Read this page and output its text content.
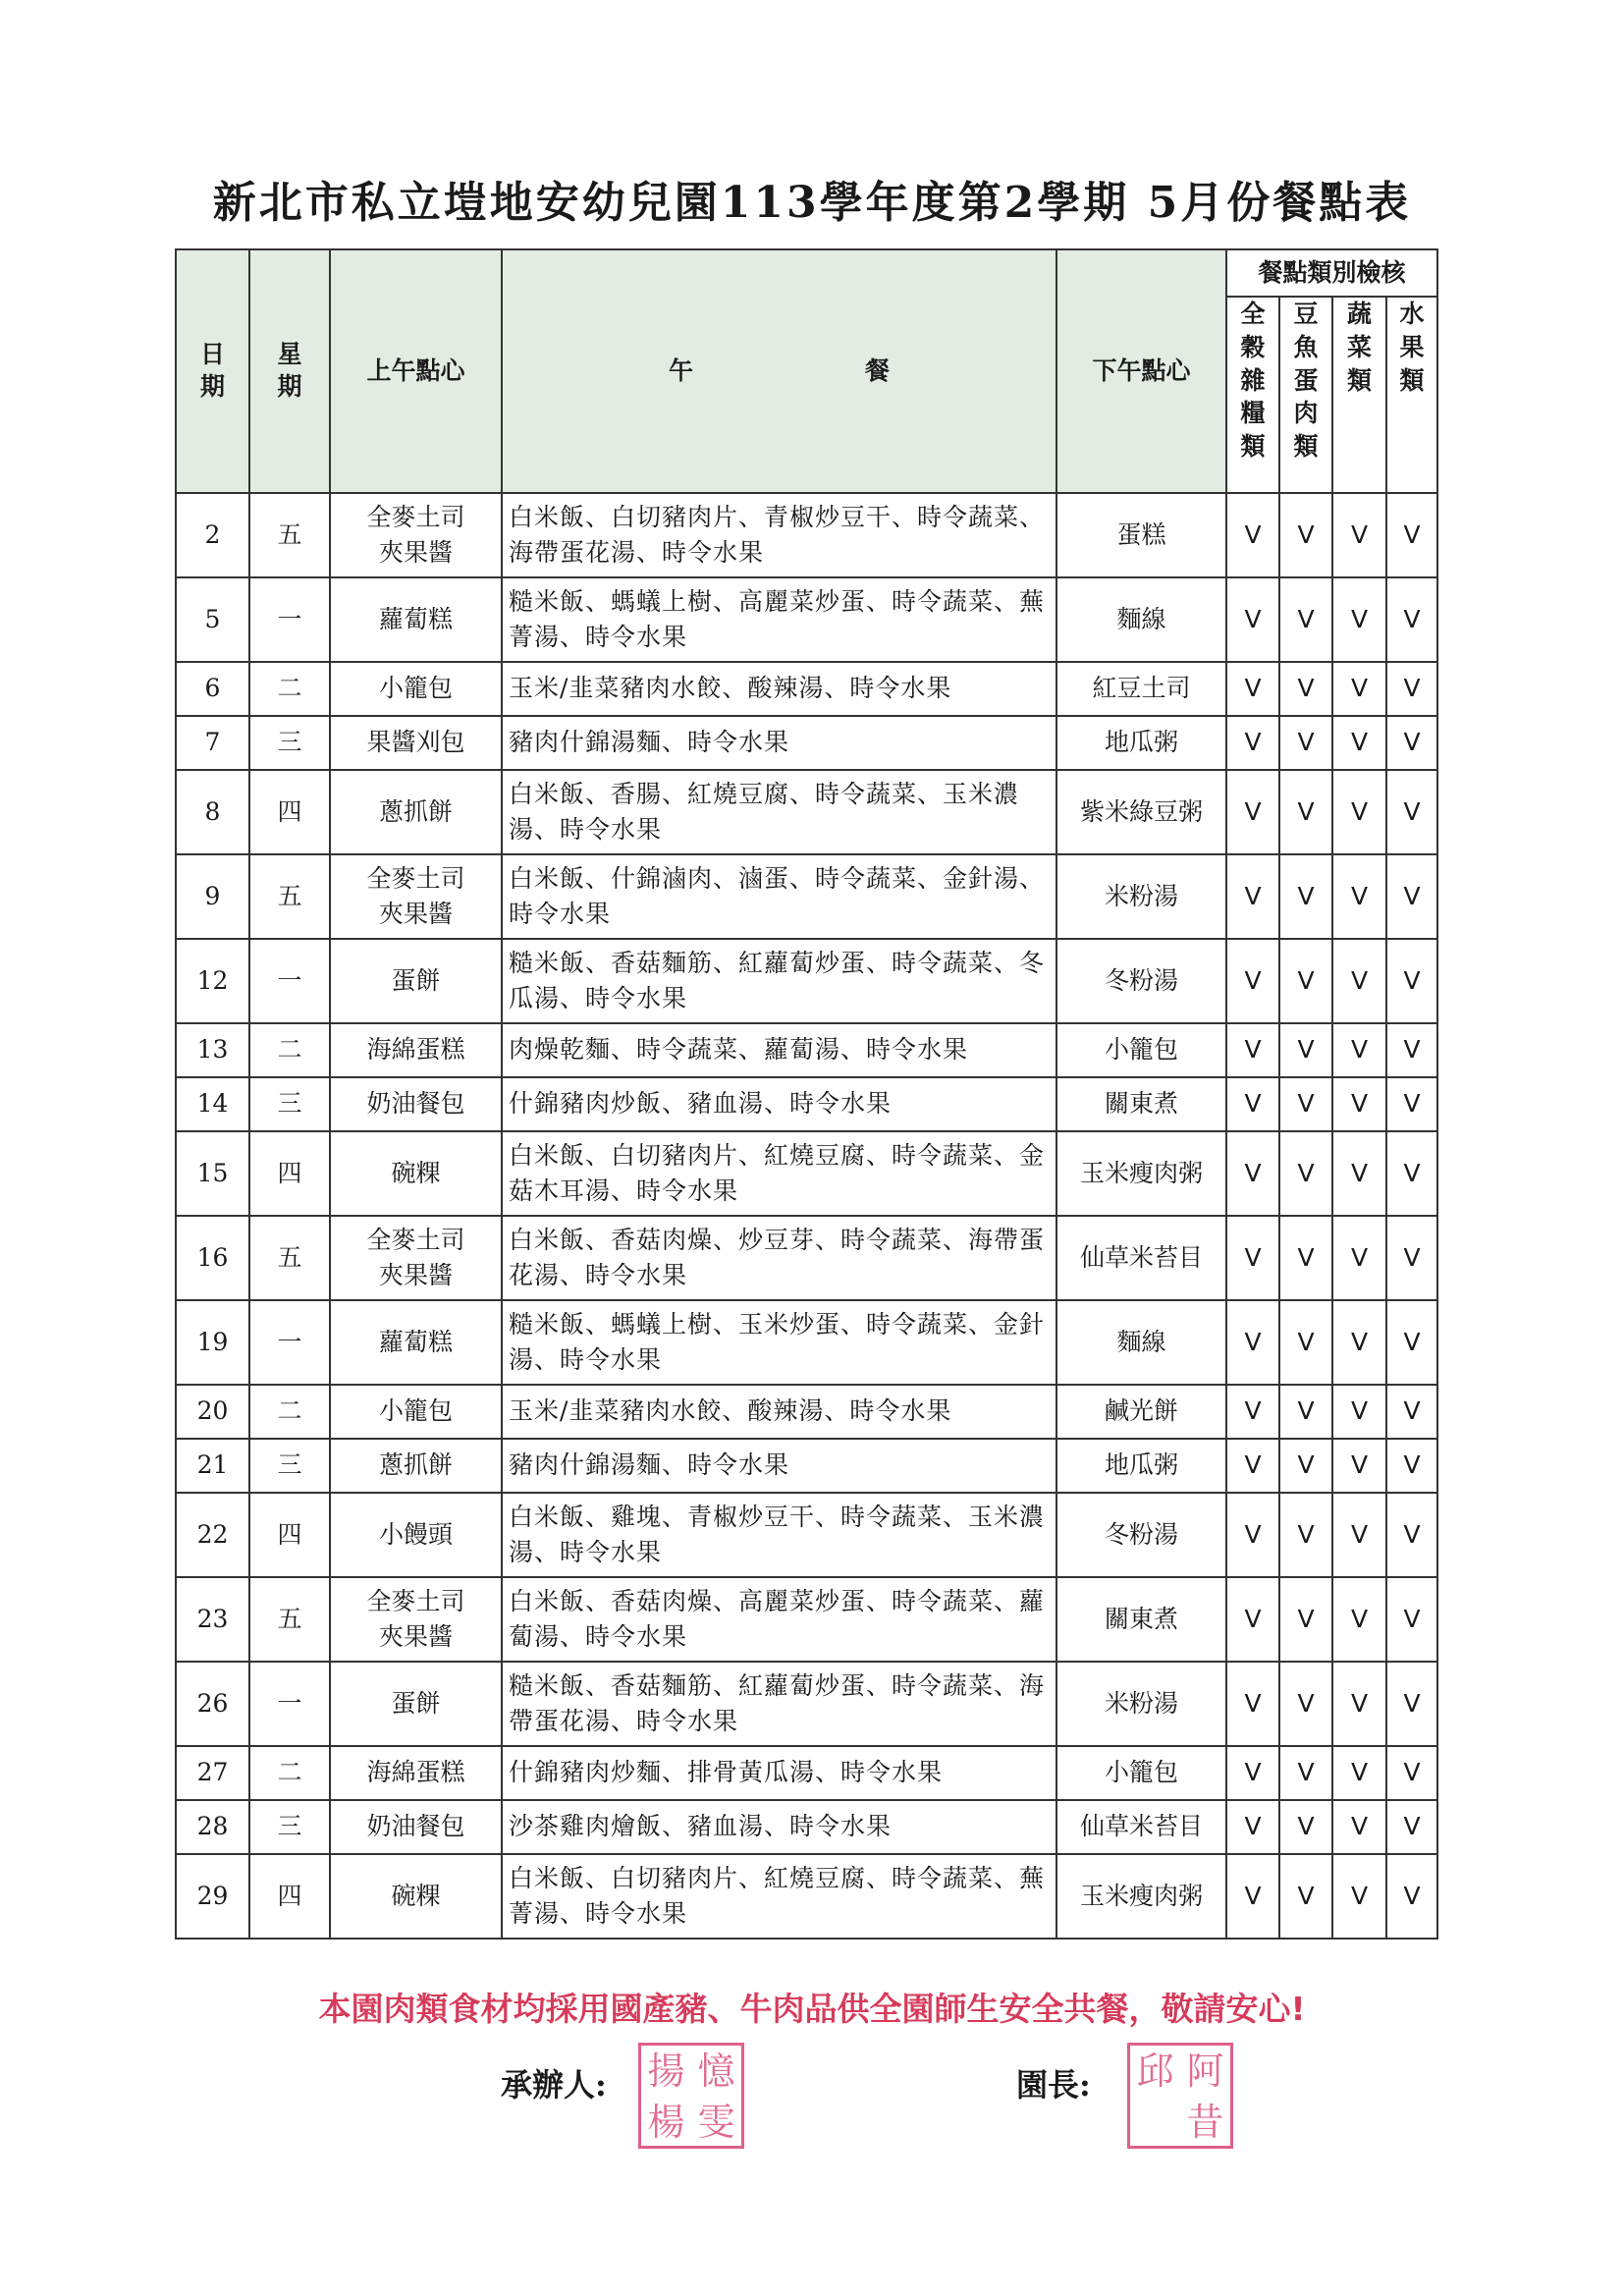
新北市私立塏地安幼兒園113學年度第2學期 5月份餐點表
日期	星期	上午點心	午　　　　　　　餐	下午點心	餐點類別檢核			
					全穀雜糧類	豆魚蛋肉類	蔬菜類	水果類
2	五	全麥土司夾果醬	白米飯、白切豬肉片、青椒炒豆干、時令蔬菜、海帶蛋花湯、時令水果	蛋糕	V	V	V	V
5	一	蘿蔔糕	糙米飯、螞蟻上樹、高麗菜炒蛋、時令蔬菜、蕪菁湯、時令水果	麵線	V	V	V	V
6	二	小籠包	玉米/韭菜豬肉水餃、酸辣湯、時令水果	紅豆土司	V	V	V	V
7	三	果醬刈包	豬肉什錦湯麵、時令水果	地瓜粥	V	V	V	V
8	四	蔥抓餅	白米飯、香腸、紅燒豆腐、時令蔬菜、玉米濃湯、時令水果	紫米綠豆粥	V	V	V	V
9	五	全麥土司夾果醬	白米飯、什錦滷肉、滷蛋、時令蔬菜、金針湯、時令水果	米粉湯	V	V	V	V
12	一	蛋餅	糙米飯、香菇麵筋、紅蘿蔔炒蛋、時令蔬菜、冬瓜湯、時令水果	冬粉湯	V	V	V	V
13	二	海綿蛋糕	肉燥乾麵、時令蔬菜、蘿蔔湯、時令水果	小籠包	V	V	V	V
14	三	奶油餐包	什錦豬肉炒飯、豬血湯、時令水果	關東煮	V	V	V	V
15	四	碗粿	白米飯、白切豬肉片、紅燒豆腐、時令蔬菜、金菇木耳湯、時令水果	玉米瘦肉粥	V	V	V	V
16	五	全麥土司夾果醬	白米飯、香菇肉燥、炒豆芽、時令蔬菜、海帶蛋花湯、時令水果	仙草米苔目	V	V	V	V
19	一	蘿蔔糕	糙米飯、螞蟻上樹、玉米炒蛋、時令蔬菜、金針湯、時令水果	麵線	V	V	V	V
20	二	小籠包	玉米/韭菜豬肉水餃、酸辣湯、時令水果	鹹光餅	V	V	V	V
21	三	蔥抓餅	豬肉什錦湯麵、時令水果	地瓜粥	V	V	V	V
22	四	小饅頭	白米飯、雞塊、青椒炒豆干、時令蔬菜、玉米濃湯、時令水果	冬粉湯	V	V	V	V
23	五	全麥土司夾果醬	白米飯、香菇肉燥、高麗菜炒蛋、時令蔬菜、蘿蔔湯、時令水果	關東煮	V	V	V	V
26	一	蛋餅	糙米飯、香菇麵筋、紅蘿蔔炒蛋、時令蔬菜、海帶蛋花湯、時令水果	米粉湯	V	V	V	V
27	二	海綿蛋糕	什錦豬肉炒麵、排骨黃瓜湯、時令水果	小籠包	V	V	V	V
28	三	奶油餐包	沙茶雞肉燴飯、豬血湯、時令水果	仙草米苔目	V	V	V	V
29	四	碗粿	白米飯、白切豬肉片、紅燒豆腐、時令蔬菜、蕪菁湯、時令水果	玉米瘦肉粥	V	V	V	V
本園肉類食材均採用國產豬、牛肉品供全園師生安全共餐，敬請安心!
承辦人: 揚 憶
楊 雯
園長: 邱 阿
昔
